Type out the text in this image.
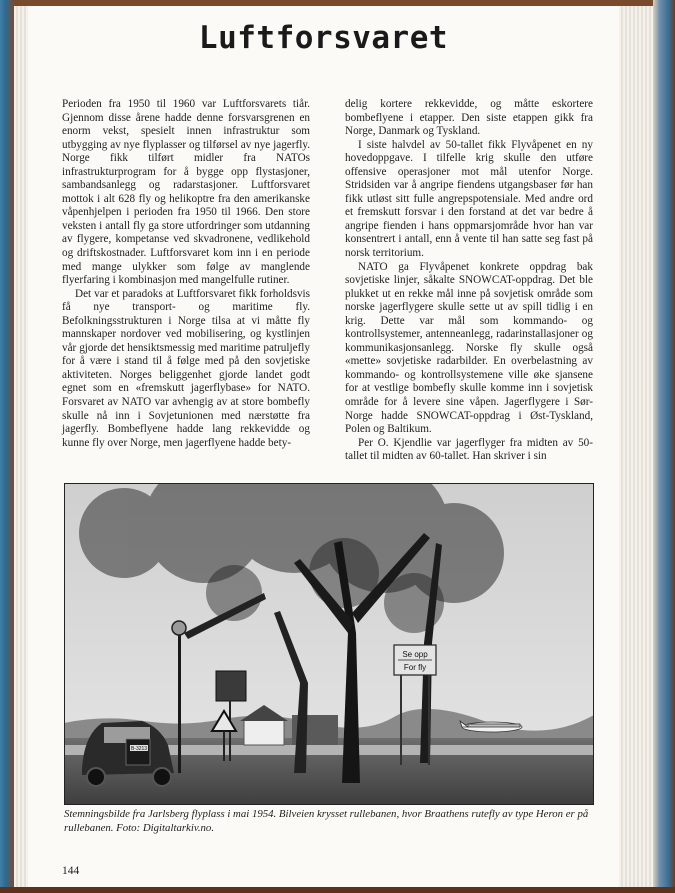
Luftforsvaret

Perioden fra 1950 til 1960 var Luftforsvarets tiår. Gjennom disse årene hadde denne forsvarsgrenen en enorm vekst, spesielt innen infrastruktur som utbygging av nye flyplasser og tilførsel av nye jagerfly. Norge fikk tilført midler fra NATOs infrastrukturprogram for å bygge opp flystasjoner, sambandsanlegg og radarstasjoner. Luftforsvaret mottok i alt 628 fly og helikoptre fra den amerikanske våpenhjelpen i perioden fra 1950 til 1966. Den store veksten i antall fly ga store utfordringer som utdanning av flygere, kompetanse ved skvadronene, vedlikehold og driftskostnader. Luftforsvaret kom inn i en periode med mange ulykker som følge av manglende flyerfaring i kombinasjon med mangelfulle rutiner.

Det var et paradoks at Luftforsvaret fikk forholdsvis få nye transport- og maritime fly. Befolkningsstrukturen i Norge tilsa at vi måtte fly mannskaper nordover ved mobilisering, og kystlinjen vår gjorde det hensiktsmessig med maritime patruljefly for å være i stand til å følge med på den sovjetiske aktiviteten. Norges beliggenhet gjorde landet godt egnet som en «fremskutt jagerflybase» for NATO. Forsvaret av NATO var avhengig av at store bombefly skulle nå inn i Sovjetunionen med nærstøtte fra jagerfly. Bombeflyene hadde lang rekkevidde og kunne fly over Norge, men jagerflyene hadde bety-

delig kortere rekkevidde, og måtte eskortere bombeflyene i etapper. Den siste etappen gikk fra Norge, Danmark og Tyskland.

I siste halvdel av 50-tallet fikk Flyvåpenet en ny hovedoppgave. I tilfelle krig skulle den utføre offensive operasjoner mot mål utenfor Norge. Stridsiden var å angripe fiendens utgangsbaser før han fikk utløst sitt fulle angrepspotensiale. Med andre ord et fremskutt forsvar i den forstand at det var bedre å angripe fienden i hans oppmarsjområde hvor han var konsentrert i antall, enn å vente til han satte seg fast på norsk territorium.

NATO ga Flyvåpenet konkrete oppdrag bak sovjetiske linjer, såkalte SNOWCAT-oppdrag. Det ble plukket ut en rekke mål inne på sovjetisk område som norske jagerflygere skulle sette ut av spill tidlig i en krig. Dette var mål som kommando- og kontrollsystemer, antenneanlegg, radarinstallasjoner og kommunikasjonsanlegg. Norske fly skulle også «mette» sovjetiske radarbilder. En overbelastning av kommando- og kontrollsystemene ville øke sjansene for at vestlige bombefly skulle komme inn i sovjetisk område for å levere sine våpen. Jagerflygere i Sør-Norge hadde SNOWCAT-oppdrag i Øst-Tyskland, Polen og Baltikum.

Per O. Kjendlie var jagerflyger fra midten av 50-tallet til midten av 60-tallet. Han skriver i sin

Se opp
For fly
B-3213
Stemningsbilde fra Jarlsberg flyplass i mai 1954. Bilveien krysset rullebanen, hvor Braathens rutefly av type Heron er på rullebanen. Foto: Digitaltarkiv.no.
144
